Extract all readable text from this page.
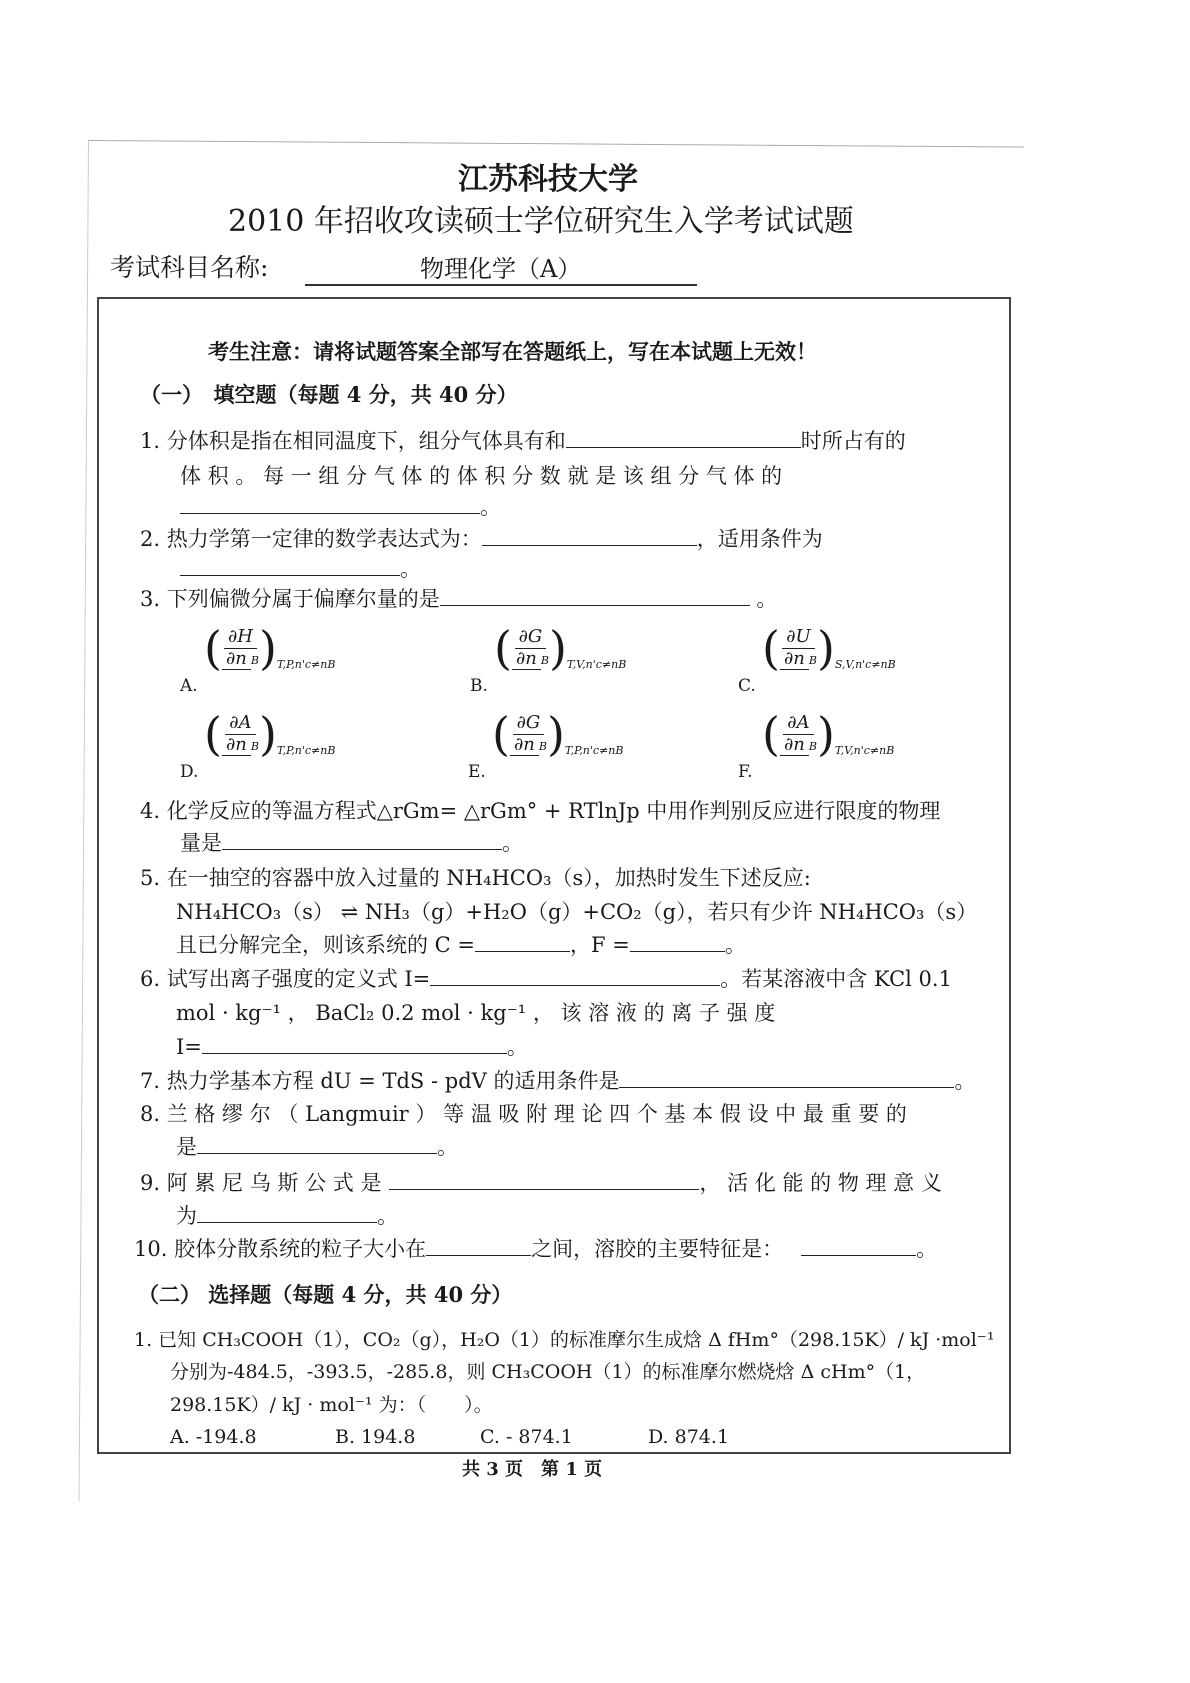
江苏科技大学
2010 年招收攻读硕士学位研究生入学考试试题
考试科目名称:	物理化学（A）
考生注意：请将试题答案全部写在答题纸上，写在本试题上无效！
（一）　填空题（每题 4 分，共 40 分）
1. 分体积是指在相同温度下，组分气体具有和	时所占有的
体 积 。 每 一 组 分 气 体 的 体 积 分 数 就 是 该 组 分 气 体 的
。
2. 热力学第一定律的数学表达式为：	，适用条件为
。
3. 下列偏微分属于偏摩尔量的是	。
A.
( ∂H
∂n B ) T,P,n'c≠nB
B.
( ∂G
∂n B ) T,V,n'c≠nB
C.
( ∂U
∂n B ) S,V,n'c≠nB
D.
( ∂A
∂n B ) T,P,n'c≠nB
E.
( ∂G
∂n B ) T,P,n'c≠nB
F.
( ∂A
∂n B ) T,V,n'c≠nB
4. 化学反应的等温方程式△rGm= △rGm° + RTlnJp 中用作判别反应进行限度的物理
量是	。
5. 在一抽空的容器中放入过量的 NH₄HCO₃（s），加热时发生下述反应:
NH₄HCO₃（s） ⇌ NH₃（g）+H₂O（g）+CO₂（g），若只有少许 NH₄HCO₃（s）
且已分解完全，则该系统的 C =	，F =	。
6. 试写出离子强度的定义式 I=	。若某溶液中含 KCl 0.1
mol · kg⁻¹ ， BaCl₂ 0.2 mol · kg⁻¹ ， 该 溶 液 的 离 子 强 度
I=	。
7. 热力学基本方程 dU = TdS - pdV 的适用条件是	。
8. 兰 格 缪 尔 （ Langmuir ） 等 温 吸 附 理 论 四 个 基 本 假 设 中 最 重 要 的
是	。
9. 阿 累 尼 乌 斯 公 式 是	， 活 化 能 的 物 理 意 义
为	。
10. 胶体分散系统的粒子大小在	之间，溶胶的主要特征是：	。
（二） 选择题（每题 4 分，共 40 分）
1. 已知 CH₃COOH（1），CO₂（g），H₂O（1）的标准摩尔生成焓 Δ fHm°（298.15K）/ kJ ·mol⁻¹
分别为-484.5，-393.5，-285.8，则 CH₃COOH（1）的标准摩尔燃烧焓 Δ cHm°（1，
298.15K）/ kJ · mol⁻¹ 为：（　　）。
A. -194.8	B. 194.8	C. - 874.1	D. 874.1
共 3 页　第 1 页
